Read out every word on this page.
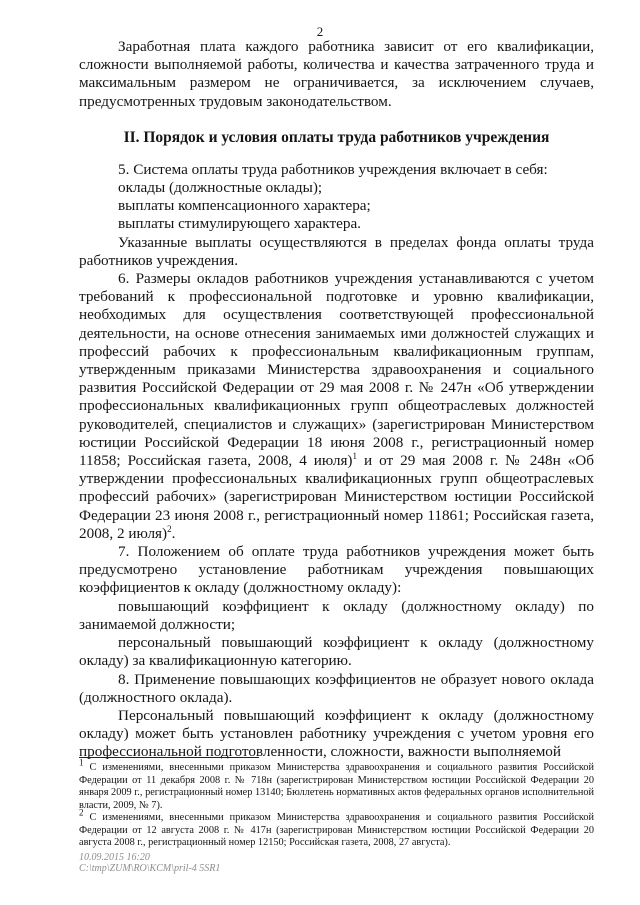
2

Заработная плата каждого работника зависит от его квалификации, сложности выполняемой работы, количества и качества затраченного труда и максимальным размером не ограничивается, за исключением случаев, предусмотренных трудовым законодательством.

II. Порядок и условия оплаты труда работников учреждения

5. Система оплаты труда работников учреждения включает в себя:

оклады (должностные оклады);

выплаты компенсационного характера;

выплаты стимулирующего характера.

Указанные выплаты осуществляются в пределах фонда оплаты труда работников учреждения.

6. Размеры окладов работников учреждения устанавливаются с учетом требований к профессиональной подготовке и уровню квалификации, необходимых для осуществления соответствующей профессиональной деятельности, на основе отнесения занимаемых ими должностей служащих и профессий рабочих к профессиональным квалификационным группам, утвержденным приказами Министерства здравоохранения и социального развития Российской Федерации от 29 мая 2008 г. № 247н «Об утверждении профессиональных квалификационных групп общеотраслевых должностей руководителей, специалистов и служащих» (зарегистрирован Министерством юстиции Российской Федерации 18 июня 2008 г., регистрационный номер 11858; Российская газета, 2008, 4 июля)$^1$ и от 29 мая 2008 г. № 248н «Об утверждении профессиональных квалификационных групп общеотраслевых профессий рабочих» (зарегистрирован Министерством юстиции Российской Федерации 23 июня 2008 г., регистрационный номер 11861; Российская газета, 2008, 2 июля)$^2$.

7. Положением об оплате труда работников учреждения может быть предусмотрено установление работникам учреждения повышающих коэффициентов к окладу (должностному окладу):

повышающий коэффициент к окладу (должностному окладу) по занимаемой должности;

персональный повышающий коэффициент к окладу (должностному окладу) за квалификационную категорию.

8. Применение повышающих коэффициентов не образует нового оклада (должностного оклада).

Персональный повышающий коэффициент к окладу (должностному окладу) может быть установлен работнику учреждения с учетом уровня его профессиональной подготовленности, сложности, важности выполняемой

$^1$ С изменениями, внесенными приказом Министерства здравоохранения и социального развития Российской Федерации от 11 декабря 2008 г. № 718н (зарегистрирован Министерством юстиции Российской Федерации 20 января 2009 г., регистрационный номер 13140; Бюллетень нормативных актов федеральных органов исполнительной власти, 2009, № 7).

$^2$ С изменениями, внесенными приказом Министерства здравоохранения и социального развития Российской Федерации от 12 августа 2008 г. № 417н (зарегистрирован Министерством юстиции Российской Федерации 20 августа 2008 г., регистрационный номер 12150; Российская газета, 2008, 27 августа).

10.09.2015 16:20
C:\tmp\ZUM\RO\KCM\pril-4 5SR1
